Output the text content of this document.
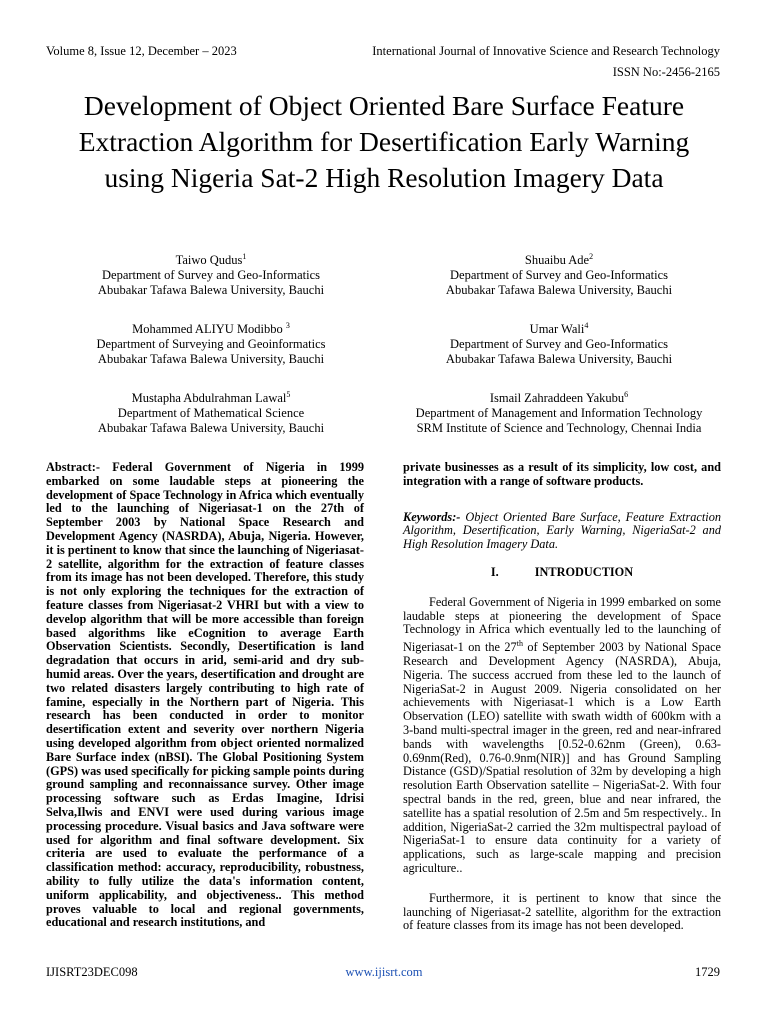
Volume 8, Issue 12, December – 2023	International Journal of Innovative Science and Research Technology
ISSN No:-2456-2165
Development of Object Oriented Bare Surface Feature Extraction Algorithm for Desertification Early Warning using Nigeria Sat-2 High Resolution Imagery Data
Taiwo Qudus$^1$
Department of Survey and Geo-Informatics
Abubakar Tafawa Balewa University, Bauchi
Shuaibu Ade$^2$
Department of Survey and Geo-Informatics
Abubakar Tafawa Balewa University, Bauchi
Mohammed ALIYU Modibbo $^3$
Department of Surveying and Geoinformatics
Abubakar Tafawa Balewa University, Bauchi
Umar Wali$^4$
Department of Survey and Geo-Informatics
Abubakar Tafawa Balewa University, Bauchi
Mustapha Abdulrahman Lawal$^5$
Department of Mathematical Science
Abubakar Tafawa Balewa University, Bauchi
Ismail Zahraddeen Yakubu$^6$
Department of Management and Information Technology
SRM Institute of Science and Technology, Chennai India

Abstract:- Federal Government of Nigeria in 1999 embarked on some laudable steps at pioneering the development of Space Technology in Africa which eventually led to the launching of Nigeriasat-1 on the 27th of September 2003 by National Space Research and Development Agency (NASRDA), Abuja, Nigeria. However, it is pertinent to know that since the launching of Nigeriasat-2 satellite, algorithm for the extraction of feature classes from its image has not been developed. Therefore, this study is not only exploring the techniques for the extraction of feature classes from Nigeriasat-2 VHRI but with a view to develop algorithm that will be more accessible than foreign based algorithms like eCognition to average Earth Observation Scientists. Secondly, Desertification is land degradation that occurs in arid, semi-arid and dry sub-humid areas. Over the years, desertification and drought are two related disasters largely contributing to high rate of famine, especially in the Northern part of Nigeria. This research has been conducted in order to monitor desertification extent and severity over northern Nigeria using developed algorithm from object oriented normalized Bare Surface index (nBSI). The Global Positioning System (GPS) was used specifically for picking sample points during ground sampling and reconnaissance survey. Other image processing software such as Erdas Imagine, Idrisi Selva,Ilwis and ENVI were used during various image processing procedure. Visual basics and Java software were used for algorithm and final software development. Six criteria are used to evaluate the performance of a classification method: accuracy, reproducibility, robustness, ability to fully utilize the data's information content, uniform applicability, and objectiveness.. This method proves valuable to local and regional governments, educational and research institutions, and

private businesses as a result of its simplicity, low cost, and integration with a range of software products.

Keywords:- Object Oriented Bare Surface, Feature Extraction Algorithm, Desertification, Early Warning, NigeriaSat-2 and High Resolution Imagery Data.

I.	INTRODUCTION

Federal Government of Nigeria in 1999 embarked on some laudable steps at pioneering the development of Space Technology in Africa which eventually led to the launching of Nigeriasat-1 on the 27th of September 2003 by National Space Research and Development Agency (NASRDA), Abuja, Nigeria. The success accrued from these led to the launch of NigeriaSat-2 in August 2009. Nigeria consolidated on her achievements with Nigeriasat-1 which is a Low Earth Observation (LEO) satellite with swath width of 600km with a 3-band multi-spectral imager in the green, red and near-infrared bands with wavelengths [0.52-0.62nm (Green), 0.63-0.69nm(Red), 0.76-0.9nm(NIR)] and has Ground Sampling Distance (GSD)/Spatial resolution of 32m by developing a high resolution Earth Observation satellite – NigeriaSat-2. With four spectral bands in the red, green, blue and near infrared, the satellite has a spatial resolution of 2.5m and 5m respectively.. In addition, NigeriaSat-2 carried the 32m multispectral payload of NigeriaSat-1 to ensure data continuity for a variety of applications, such as large-scale mapping and precision agriculture..

Furthermore, it is pertinent to know that since the launching of Nigeriasat-2 satellite, algorithm for the extraction of feature classes from its image has not been developed.

IJISRT23DEC098	www.ijisrt.com	1729
